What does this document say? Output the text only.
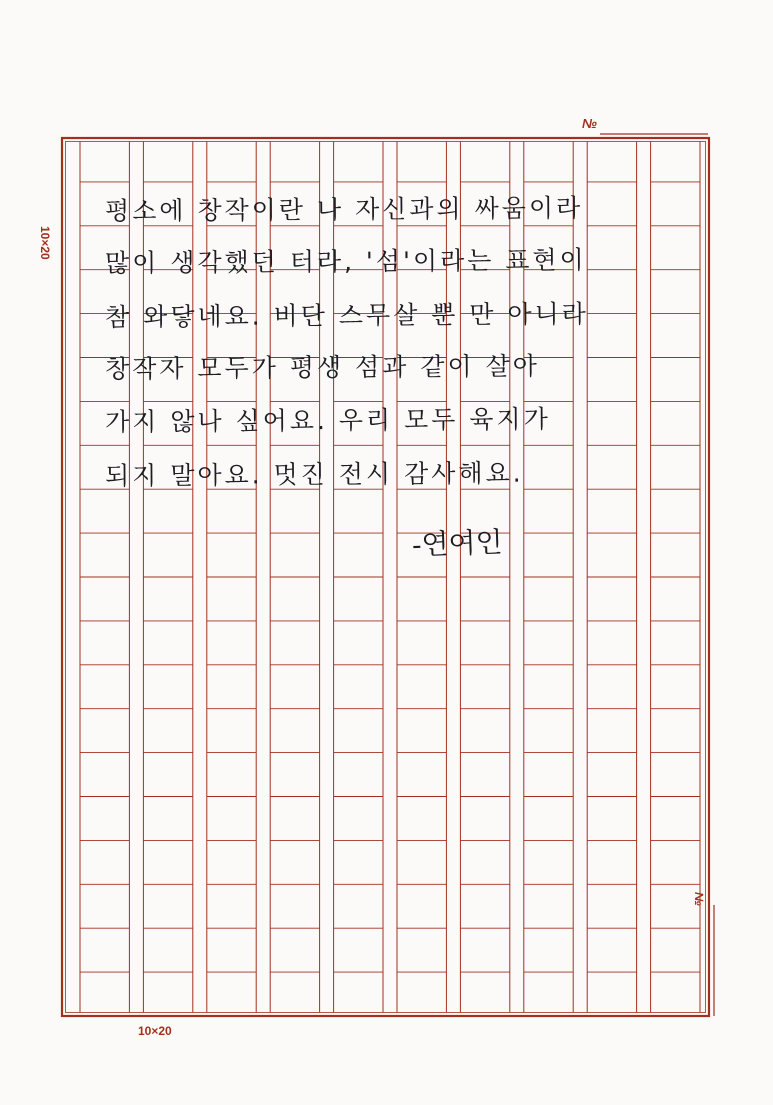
№
№
10×20
10×20
평소에 창작이란 나 자신과의 싸움이라
많이 생각했던 터라, '섬'이라는 표현이
참 와닿네요. 비단 스무살 뿐 만 아니라
창작자 모두가 평생 섬과 같이 살아
가지 않나 싶어요. 우리 모두 육지가
되지 말아요. 멋진 전시 감사해요.
-연여인
